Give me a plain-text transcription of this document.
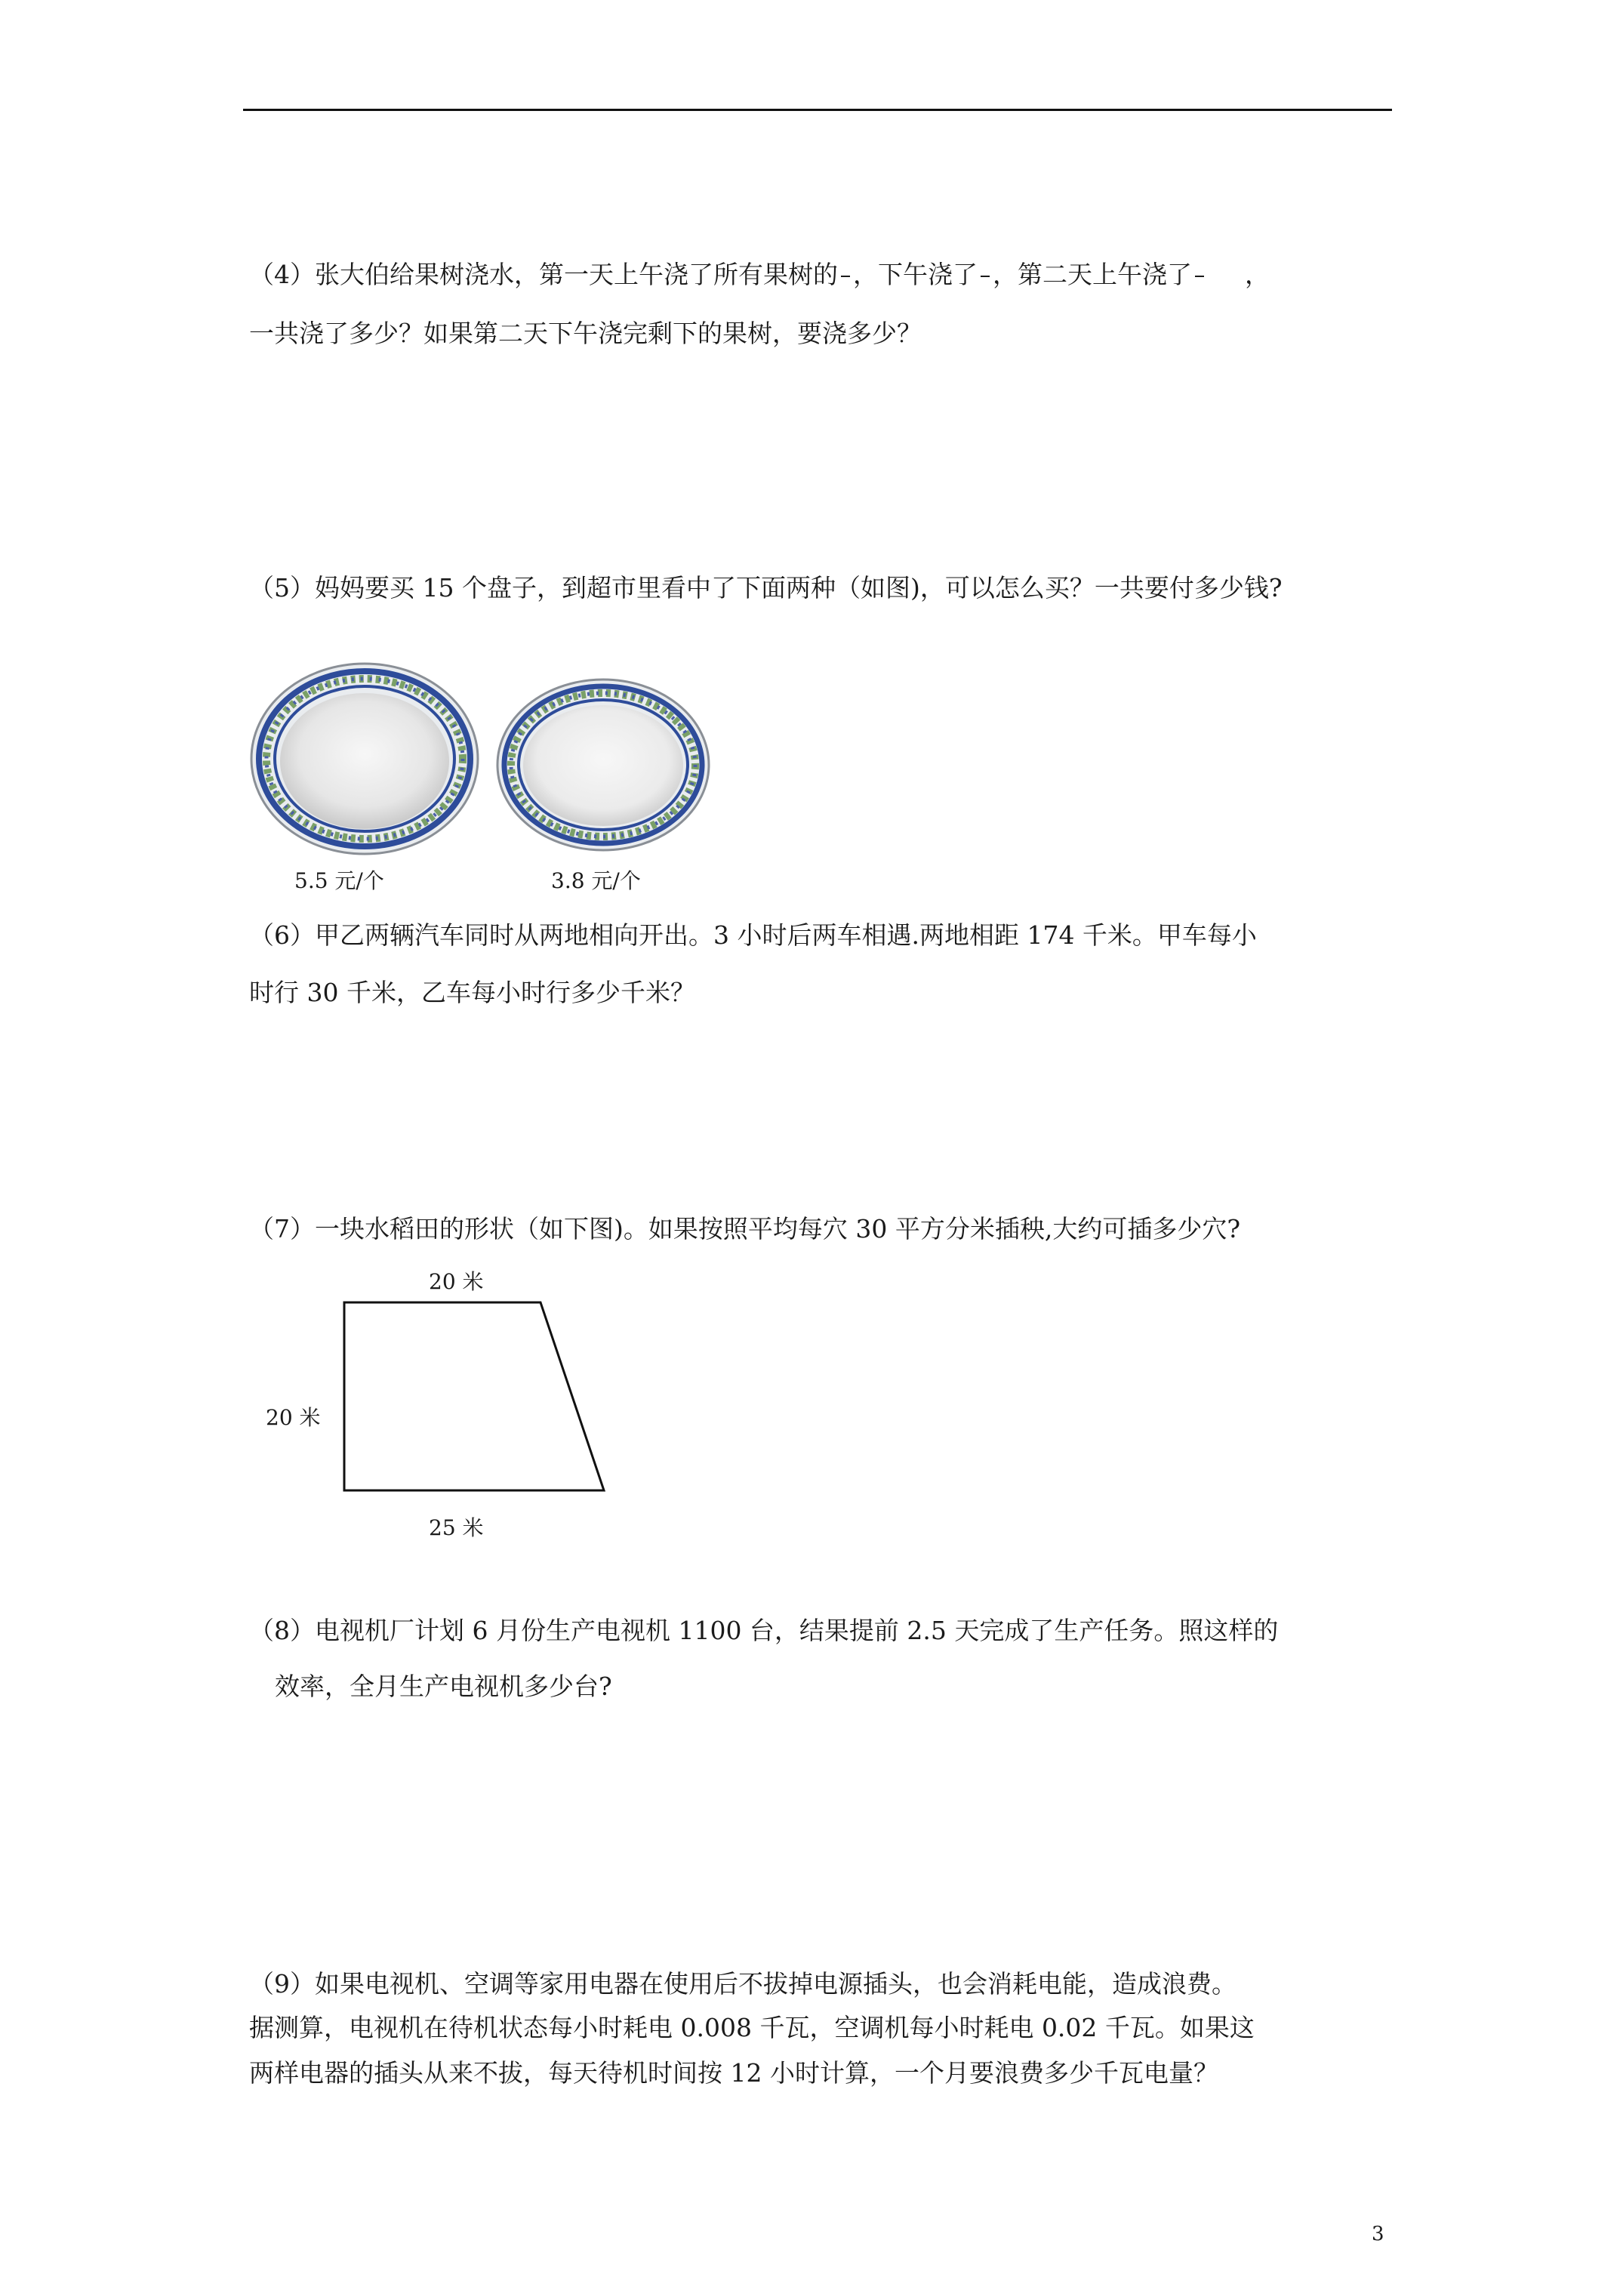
（4）张大伯给果树浇水，第一天上午浇了所有果树的 ，下午浇了 ，第二天上午浇了 ，
一共浇了多少？如果第二天下午浇完剩下的果树，要浇多少？
（5）妈妈要买 15 个盘子，到超市里看中了下面两种（如图)，可以怎么买？一共要付多少钱?
5.5 元/个	3.8 元/个
（6）甲乙两辆汽车同时从两地相向开出。3 小时后两车相遇.两地相距 174 千米。甲车每小
时行 30 千米，乙车每小时行多少千米？
（7）一块水稻田的形状（如下图)。如果按照平均每穴 30 平方分米插秧,大约可插多少穴?
20 米
20 米
25 米
（8）电视机厂计划 6 月份生产电视机 1100 台，结果提前 2.5 天完成了生产任务。照这样的
效率，全月生产电视机多少台?
（9）如果电视机、空调等家用电器在使用后不拔掉电源插头，也会消耗电能，造成浪费。
据测算，电视机在待机状态每小时耗电 0.008 千瓦，空调机每小时耗电 0.02 千瓦。如果这
两样电器的插头从来不拔，每天待机时间按 12 小时计算，一个月要浪费多少千瓦电量？
3
